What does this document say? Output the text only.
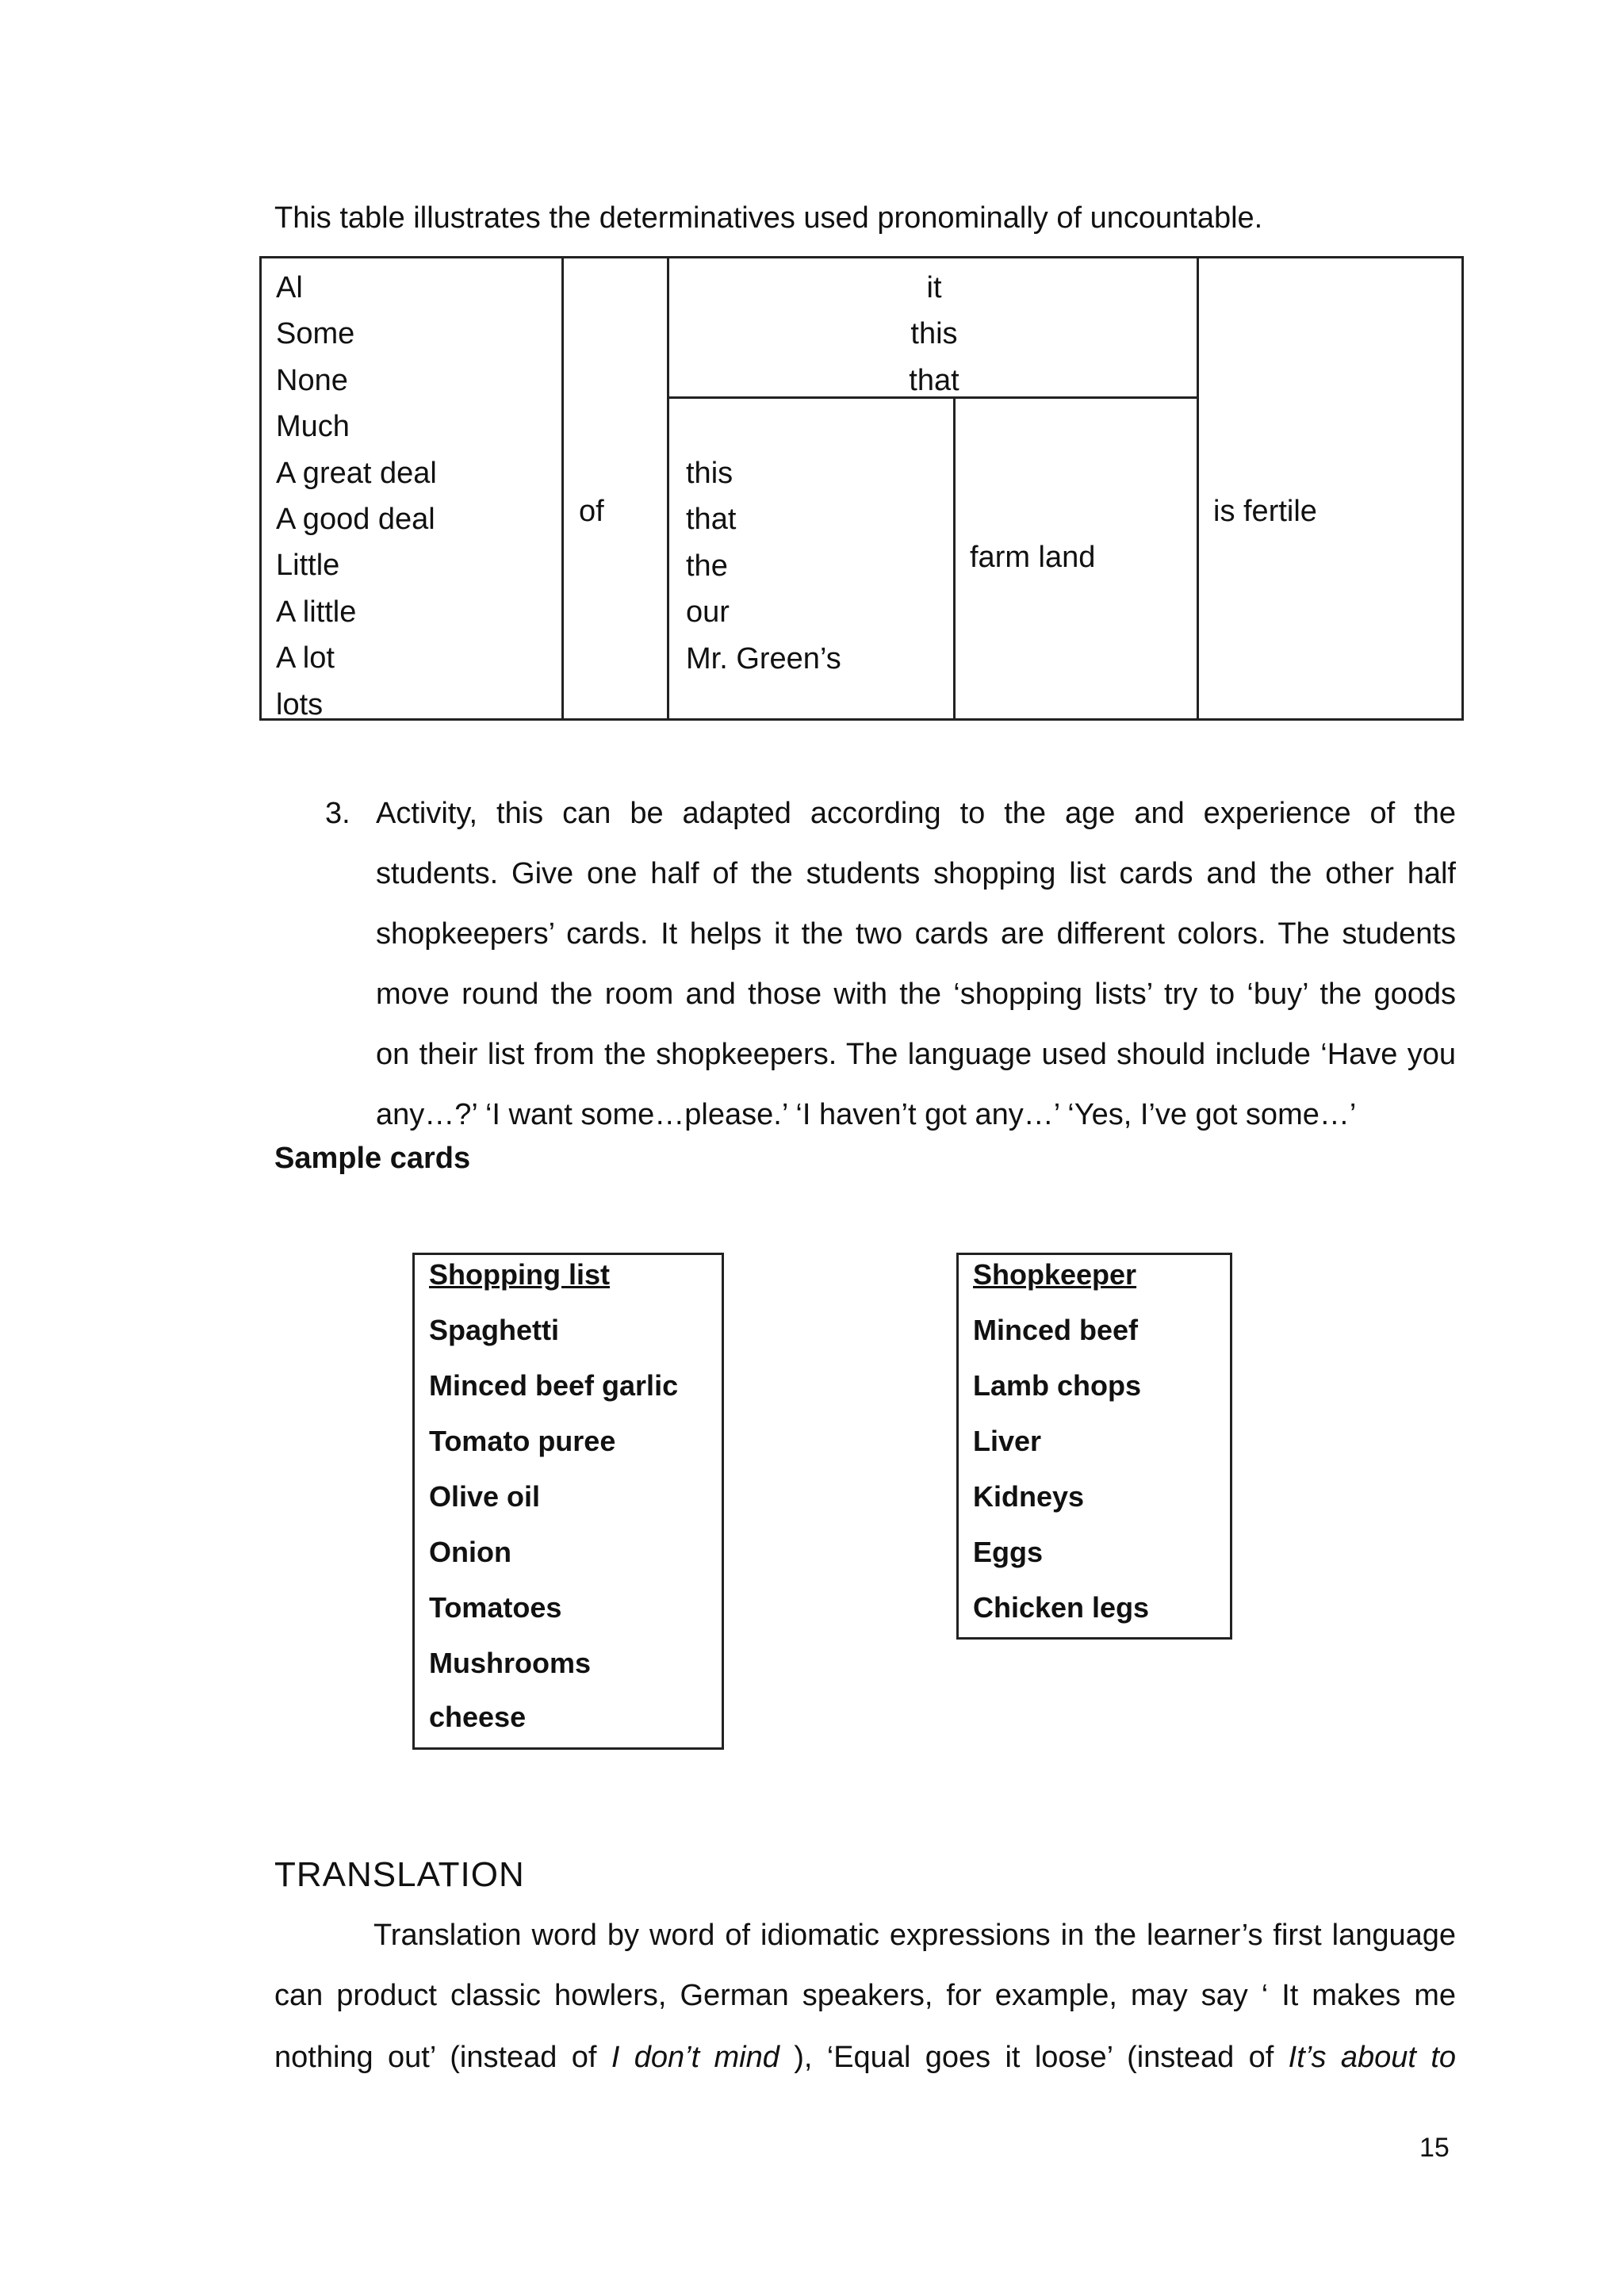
This table illustrates the determinatives used pronominally of uncountable.
Al
Some
None
Much
A great deal
A good deal
Little
A little
A lot
lots
of
it
this
that
this
that
the
our
Mr. Green’s
farm land
is fertile
3. Activity, this can be adapted according to the age and experience of the
students. Give one half of the students shopping list cards and the other half
shopkeepers’ cards. It helps it the two cards are different colors. The students
move round the room and those with the ‘shopping lists’ try to ‘buy’ the goods
on their list from the shopkeepers. The language used should include ‘Have you
any…?’ ‘I want some…please.’ ‘I haven’t got any…’ ‘Yes, I’ve got some…’
Sample cards
Shopping list
Spaghetti
Minced beef garlic
Tomato puree
Olive oil
Onion
Tomatoes
Mushrooms
cheese
Shopkeeper
Minced beef
Lamb chops
Liver
Kidneys
Eggs
Chicken legs
TRANSLATION
Translation word by word of idiomatic expressions in the learner’s first language
can product classic howlers, German speakers, for example, may say ‘ It makes me
nothing out’ (instead of I don’t mind ), ‘Equal goes it loose’ (instead of It’s about to
15
